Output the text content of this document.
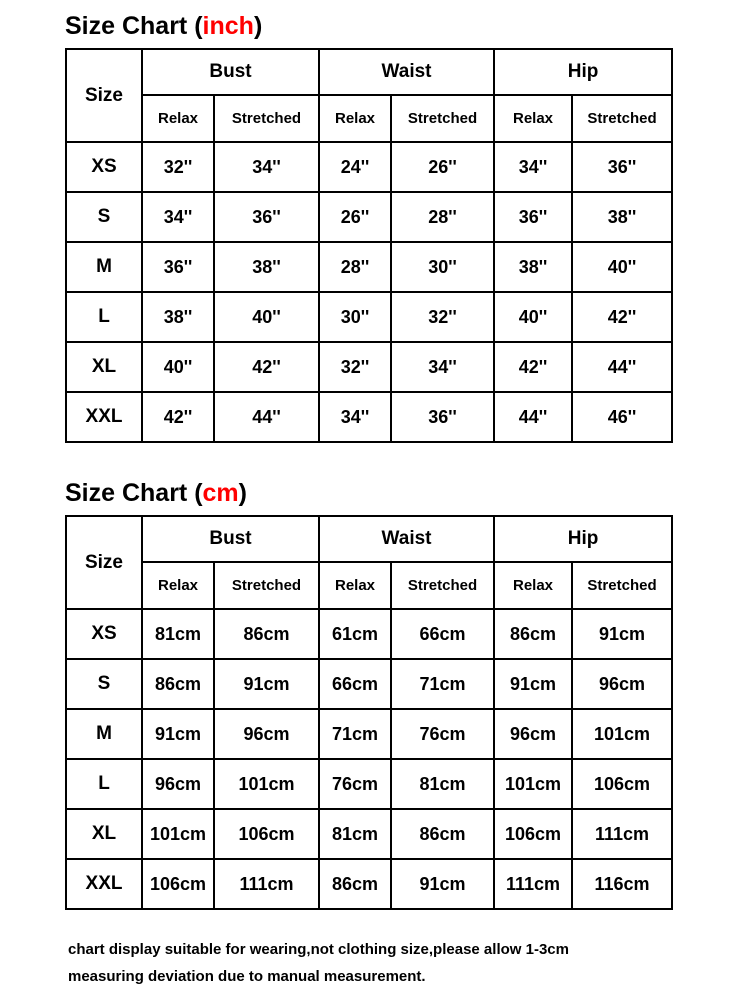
Size Chart (inch)
Size	Bust		Waist		Hip	
	Relax	Stretched	Relax	Stretched	Relax	Stretched
XS	32''	34''	24''	26''	34''	36''
S	34''	36''	26''	28''	36''	38''
M	36''	38''	28''	30''	38''	40''
L	38''	40''	30''	32''	40''	42''
XL	40''	42''	32''	34''	42''	44''
XXL	42''	44''	34''	36''	44''	46''
Size Chart (cm)
Size	Bust		Waist		Hip	
	Relax	Stretched	Relax	Stretched	Relax	Stretched
XS	81cm	86cm	61cm	66cm	86cm	91cm
S	86cm	91cm	66cm	71cm	91cm	96cm
M	91cm	96cm	71cm	76cm	96cm	101cm
L	96cm	101cm	76cm	81cm	101cm	106cm
XL	101cm	106cm	81cm	86cm	106cm	111cm
XXL	106cm	111cm	86cm	91cm	111cm	116cm
chart display suitable for wearing,not clothing size,please allow 1-3cm
measuring deviation due to manual measurement.
